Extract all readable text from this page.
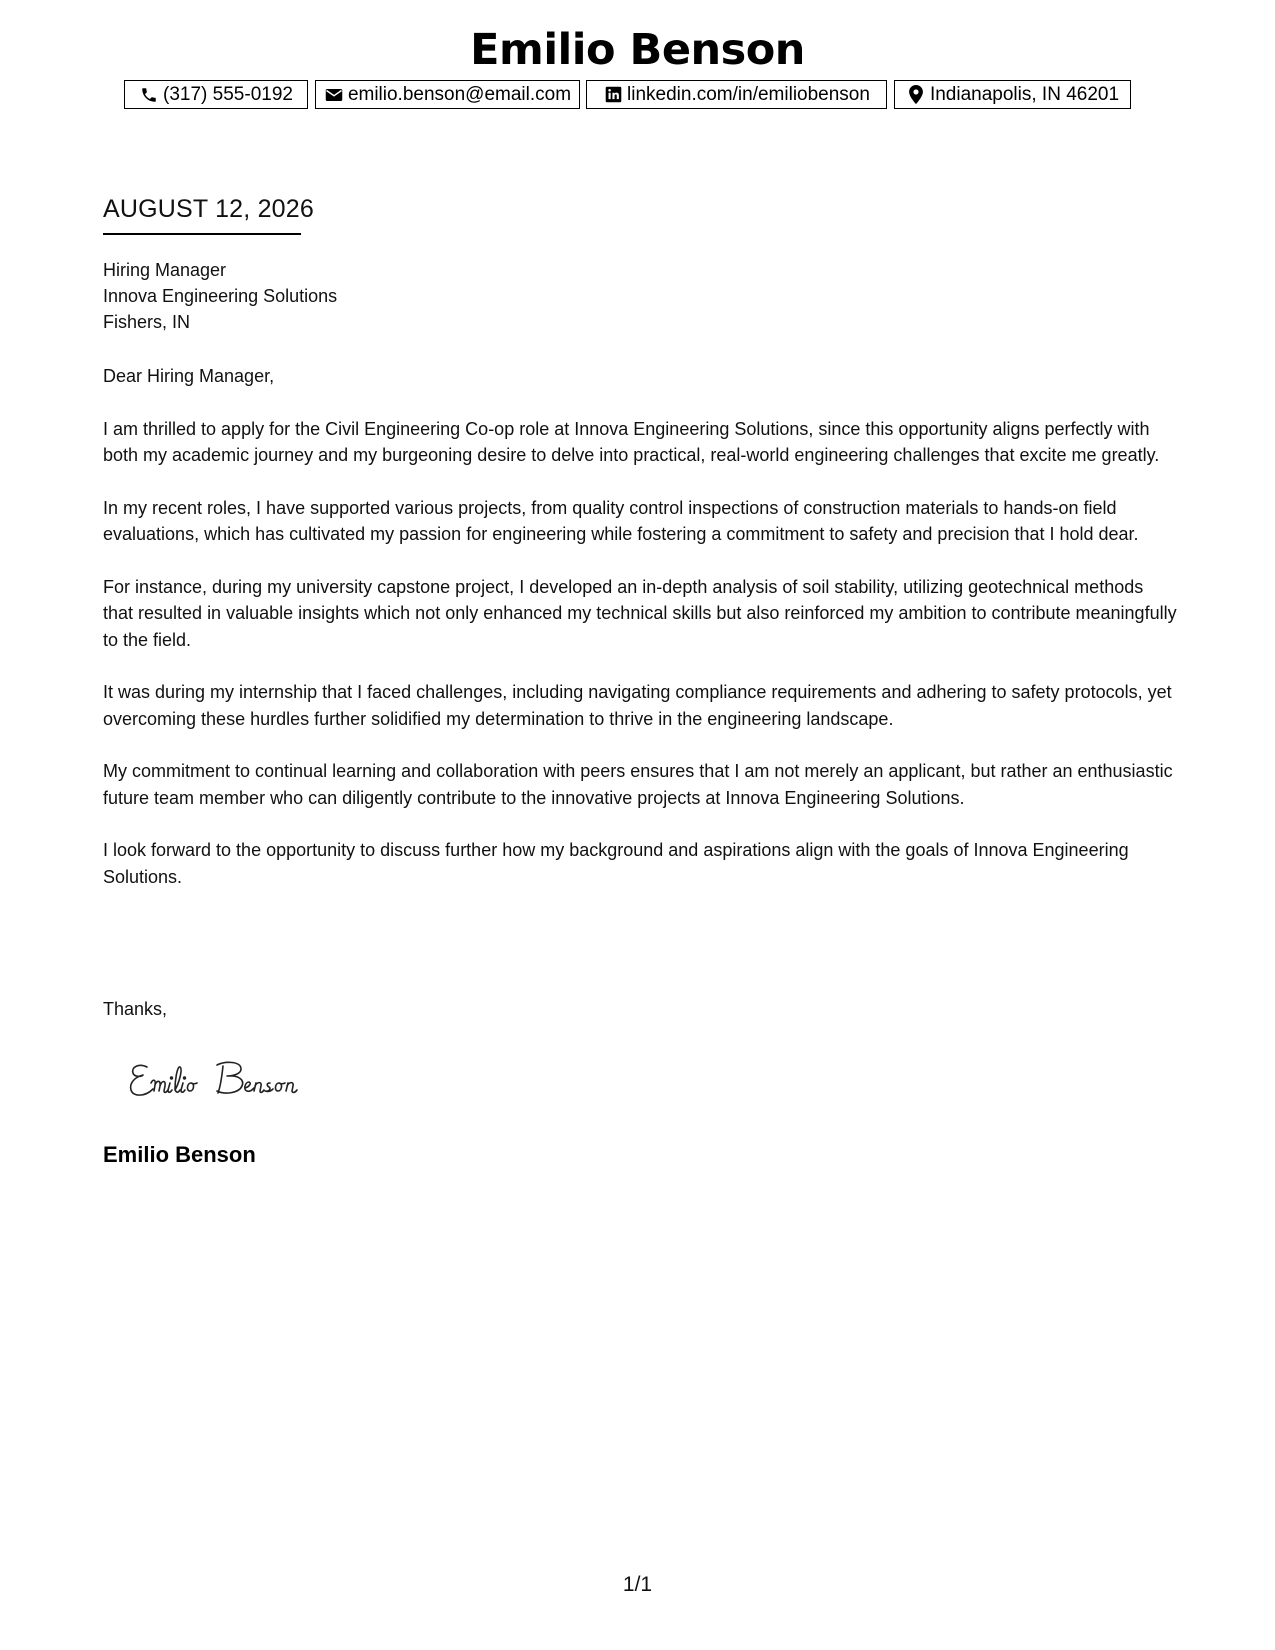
Emilio Benson
(317) 555-0192	emilio.benson@email.com	linkedin.com/in/emiliobenson	Indianapolis, IN 46201
AUGUST 12, 2026
Hiring Manager
Innova Engineering Solutions
Fishers, IN

Dear Hiring Manager,

I am thrilled to apply for the Civil Engineering Co-op role at Innova Engineering Solutions, since this opportunity aligns perfectly with both my academic journey and my burgeoning desire to delve into practical, real-world engineering challenges that excite me greatly.

In my recent roles, I have supported various projects, from quality control inspections of construction materials to hands-on field evaluations, which has cultivated my passion for engineering while fostering a commitment to safety and precision that I hold dear.

For instance, during my university capstone project, I developed an in-depth analysis of soil stability, utilizing geotechnical methods that resulted in valuable insights which not only enhanced my technical skills but also reinforced my ambition to contribute meaningfully to the field.

It was during my internship that I faced challenges, including navigating compliance requirements and adhering to safety protocols, yet overcoming these hurdles further solidified my determination to thrive in the engineering landscape.

My commitment to continual learning and collaboration with peers ensures that I am not merely an applicant, but rather an enthusiastic future team member who can diligently contribute to the innovative projects at Innova Engineering Solutions.

I look forward to the opportunity to discuss further how my background and aspirations align with the goals of Innova Engineering Solutions.

Thanks,
Emilio Benson
1/1
